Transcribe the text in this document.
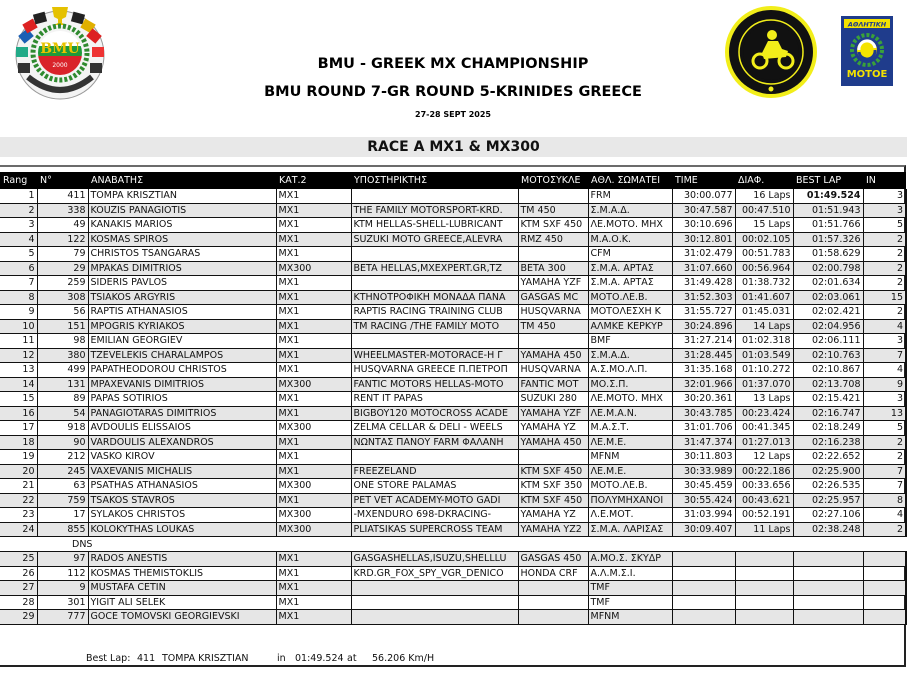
BMU
2000
ΑΘΛΗΤΙΚΗ
ΜΟΤΟΕ
BMU - GREEK MX CHAMPIONSHIP
BMU ROUND 7-GR ROUND 5-KRINIDES GREECE
27-28 SEPT 2025
RACE A MX1 & MX300
Rang	N°	ΑΝΑΒΑΤΗΣ	ΚΑΤ.2	ΥΠΟΣΤΗΡΙΚΤΗΣ	ΜΟΤΟΣΥΚΛΕ	ΑΘΛ. ΣΩΜΑΤΕΙ	TIME	ΔΙΑΦ.	BEST LAP	IN
1	411	TOMPA KRISZTIAN	MX1			FRM	30:00.077	16 Laps	01:49.524	3
2	338	KOUZIS PANAGIOTIS	MX1	THE FAMILY MOTORSPORT-KRD.	TM 450	Σ.Μ.Α.Δ.	30:47.587	00:47.510	01:51.943	3
3	49	KANAKIS MARIOS	MX1	KTM HELLAS-SHELL-LUBRICANT	KTM SXF 450	ΛΕ.ΜΟΤΟ. ΜΗΧ	30:10.696	15 Laps	01:51.766	5
4	122	KOSMAS SPIROS	MX1	SUZUKI MOTO GREECE,ALEVRA	RMZ 450	Μ.Α.Ο.Κ.	30:12.801	00:02.105	01:57.326	2
5	79	CHRISTOS TSANGARAS	MX1			CFM	31:02.479	00:51.783	01:58.629	2
6	29	MPAKAS DIMITRIOS	MX300	BETA HELLAS,MXEXPERT.GR,TZ	BETA 300	Σ.Μ.Α. ΑΡΤΑΣ	31:07.660	00:56.964	02:00.798	2
7	259	SIDERIS PAVLOS	MX1		YAMAHA YZF	Σ.Μ.Α. ΑΡΤΑΣ	31:49.428	01:38.732	02:01.634	2
8	308	TSIAKOS ARGYRIS	MX1	ΚΤΗΝΟΤΡΟΦΙΚΗ ΜΟΝΑΔΑ ΠΑΝΑ	GASGAS MC	ΜΟΤΟ.ΛΕ.Β.	31:52.303	01:41.607	02:03.061	15
9	56	RAPTIS ATHANASIOS	MX1	RAPTIS RACING TRAINING CLUB	HUSQVARNA	ΜΟΤΟΛΕΣΧΗ Κ	31:55.727	01:45.031	02:02.421	2
10	151	MPOGRIS KYRIAKOS	MX1	TM RACING /THE FAMILY MOTO	TM 450	ΑΛΜΚΕ ΚΕΡΚΥΡ	30:24.896	14 Laps	02:04.956	4
11	98	EMILIAN GEORGIEV	MX1			BMF	31:27.214	01:02.318	02:06.111	3
12	380	TZEVELEKIS CHARALAMPOS	MX1	WHEELMASTER-MOTORACE-H Γ	YAMAHA 450	Σ.Μ.Α.Δ.	31:28.445	01:03.549	02:10.763	7
13	499	PAPATHEODOROU CHRISTOS	MX1	HUSQVARNA GREECE Π.ΠΕΤΡΟΠ	HUSQVARNA	Α.Σ.ΜΟ.Λ.Π.	31:35.168	01:10.272	02:10.867	4
14	131	MPAXEVANIS DIMITRIOS	MX300	FANTIC MOTORS HELLAS-MOTO	FANTIC MOT	ΜΟ.Σ.Π.	32:01.966	01:37.070	02:13.708	9
15	89	PAPAS SOTIRIOS	MX1	RENT IT PAPAS	SUZUKI 280	ΛΕ.ΜΟΤΟ. ΜΗΧ	30:20.361	13 Laps	02:15.421	3
16	54	PANAGIOTARAS DIMITRIOS	MX1	BIGBOY120 MOTOCROSS ACADE	YAMAHA YZF	ΛΕ.Μ.Α.Ν.	30:43.785	00:23.424	02:16.747	13
17	918	AVDOULIS ELISSAIOS	MX300	ZELMA CELLAR & DELI - WEELS	YAMAHA YZ	Μ.Α.Σ.Τ.	31:01.706	00:41.345	02:18.249	5
18	90	VARDOULIS ALEXANDROS	MX1	ΝΩΝΤΑΣ ΠΑΝΟΥ FARM ΦΑΛΑΝΗ	YAMAHA 450	ΛΕ.Μ.Ε.	31:47.374	01:27.013	02:16.238	2
19	212	VASKO KIROV	MX1			MFNM	30:11.803	12 Laps	02:22.652	2
20	245	VAXEVANIS MICHALIS	MX1	FREEZELAND	KTM SXF 450	ΛΕ.Μ.Ε.	30:33.989	00:22.186	02:25.900	7
21	63	PSATHAS ATHANASIOS	MX300	ONE STORE PALAMAS	KTM SXF 350	ΜΟΤΟ.ΛΕ.Β.	30:45.459	00:33.656	02:26.535	7
22	759	TSAKOS STAVROS	MX1	PET VET ACADEMY-MOTO GADI	KTM SXF 450	ΠΟΛΥΜΗΧΑΝΟΙ	30:55.424	00:43.621	02:25.957	8
23	17	SYLAKOS CHRISTOS	MX300	-MXENDURO 698-DKRACING-	YAMAHA YZ	Λ.Ε.ΜΟΤ.	31:03.994	00:52.191	02:27.106	4
24	855	KOLOKYTHAS LOUKAS	MX300	PLIATSIKAS SUPERCROSS TEAM	YAMAHA YZ2	Σ.Μ.Α. ΛΑΡΙΣΑΣ	30:09.407	11 Laps	02:38.248	2
	DNS									
25	97	RADOS ANESTIS	MX1	GASGASHELLAS,ISUZU,SHELLLU	GASGAS 450	Α.ΜΟ.Σ. ΣΚΥΔΡ				
26	112	KOSMAS THEMISTOKLIS	MX1	KRD.GR_FOX_SPY_VGR_DENICO	HONDA CRF	Α.Λ.Μ.Σ.Ι.				
27	9	MUSTAFA CETIN	MX1			TMF				
28	301	YIGIT ALI SELEK	MX1			TMF				
29	777	GOCE TOMOVSKI GEORGIEVSKI	MX1			MFNM				
Best Lap: 411 TOMPA KRISZTIAN	in 01:49.524 at 56.206 Km/H
